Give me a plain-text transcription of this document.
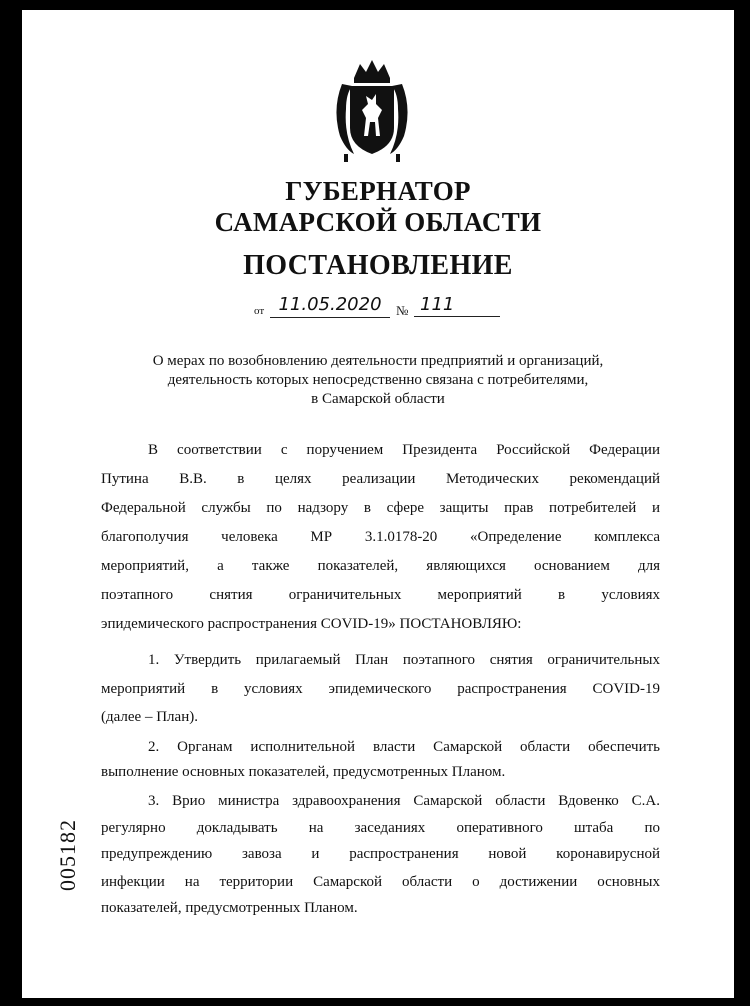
ГУБЕРНАТОР
САМАРСКОЙ ОБЛАСТИ
ПОСТАНОВЛЕНИЕ
от 11.05.2020	№ 111

О мерах по возобновлению деятельности предприятий и организаций,
деятельность которых непосредственно связана с потребителями,
в Самарской области

В соответствии с поручением Президента Российской Федерации
Путина В.В. в целях реализации Методических рекомендаций
Федеральной службы по надзору в сфере защиты прав потребителей и
благополучия человека МР 3.1.0178-20 «Определение комплекса
мероприятий, а также показателей, являющихся основанием для
поэтапного снятия ограничительных мероприятий в условиях
эпидемического распространения COVID-19» ПОСТАНОВЛЯЮ:
1. Утвердить прилагаемый План поэтапного снятия ограничительных
мероприятий в условиях эпидемического распространения COVID-19
(далее – План).
2. Органам исполнительной власти Самарской области обеспечить
выполнение основных показателей, предусмотренных Планом.
3. Врио министра здравоохранения Самарской области Вдовенко С.А.
регулярно докладывать на заседаниях оперативного штаба по
предупреждению завоза и распространения новой коронавирусной
инфекции на территории Самарской области о достижении основных
показателей, предусмотренных Планом.
005182
